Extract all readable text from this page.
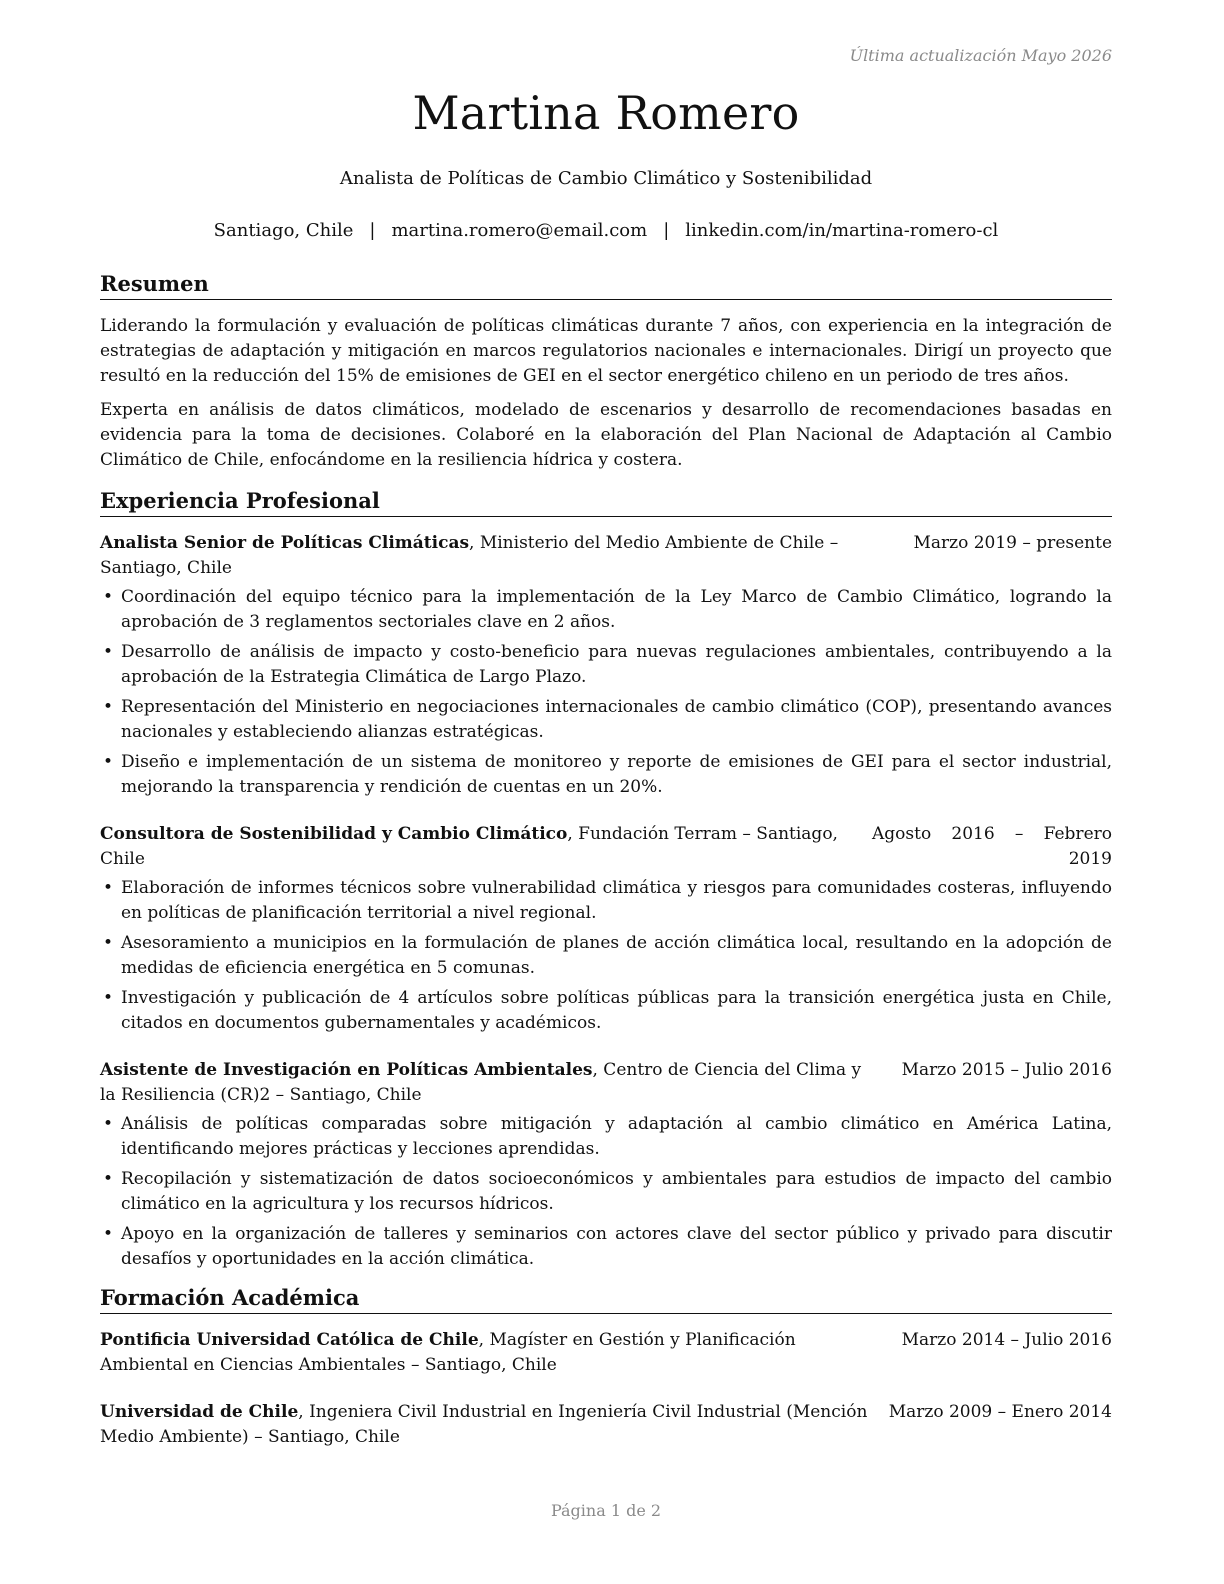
Última actualización Mayo 2026
Martina Romero
Analista de Políticas de Cambio Climático y Sostenibilidad
Santiago, Chile | martina.romero@email.com | linkedin.com/in/martina-romero-cl
Resumen

Liderando la formulación y evaluación de políticas climáticas durante 7 años, con experiencia en la integración de estrategias de adaptación y mitigación en marcos regulatorios nacionales e internacionales. Dirigí un proyecto que resultó en la reducción del 15% de emisiones de GEI en el sector energético chileno en un periodo de tres años.

Experta en análisis de datos climáticos, modelado de escenarios y desarrollo de recomendaciones basadas en evidencia para la toma de decisiones. Colaboré en la elaboración del Plan Nacional de Adaptación al Cambio Climático de Chile, enfocándome en la resiliencia hídrica y costera.

Experiencia Profesional
Analista Senior de Políticas Climáticas, Ministerio del Medio Ambiente de Chile – Santiago, Chile
Marzo 2019 – presente
• Coordinación del equipo técnico para la implementación de la Ley Marco de Cambio Climático, logrando la aprobación de 3 reglamentos sectoriales clave en 2 años.
• Desarrollo de análisis de impacto y costo-beneficio para nuevas regulaciones ambientales, contribuyendo a la aprobación de la Estrategia Climática de Largo Plazo.
• Representación del Ministerio en negociaciones internacionales de cambio climático (COP), presentando avances nacionales y estableciendo alianzas estratégicas.
• Diseño e implementación de un sistema de monitoreo y reporte de emisiones de GEI para el sector industrial, mejorando la transparencia y rendición de cuentas en un 20%.
Consultora de Sostenibilidad y Cambio Climático, Fundación Terram – Santiago, Chile
Agosto 2016 – Febrero 2019
• Elaboración de informes técnicos sobre vulnerabilidad climática y riesgos para comunidades costeras, influyendo en políticas de planificación territorial a nivel regional.
• Asesoramiento a municipios en la formulación de planes de acción climática local, resultando en la adopción de medidas de eficiencia energética en 5 comunas.
• Investigación y publicación de 4 artículos sobre políticas públicas para la transición energética justa en Chile, citados en documentos gubernamentales y académicos.
Asistente de Investigación en Políticas Ambientales, Centro de Ciencia del Clima y la Resiliencia (CR)2 – Santiago, Chile
Marzo 2015 – Julio 2016
• Análisis de políticas comparadas sobre mitigación y adaptación al cambio climático en América Latina, identificando mejores prácticas y lecciones aprendidas.
• Recopilación y sistematización de datos socioeconómicos y ambientales para estudios de impacto del cambio climático en la agricultura y los recursos hídricos.
• Apoyo en la organización de talleres y seminarios con actores clave del sector público y privado para discutir desafíos y oportunidades en la acción climática.
Formación Académica
Pontificia Universidad Católica de Chile, Magíster en Gestión y Planificación Ambiental en Ciencias Ambientales – Santiago, Chile
Marzo 2014 – Julio 2016
Universidad de Chile, Ingeniera Civil Industrial en Ingeniería Civil Industrial (Mención Medio Ambiente) – Santiago, Chile
Marzo 2009 – Enero 2014
Página 1 de 2
